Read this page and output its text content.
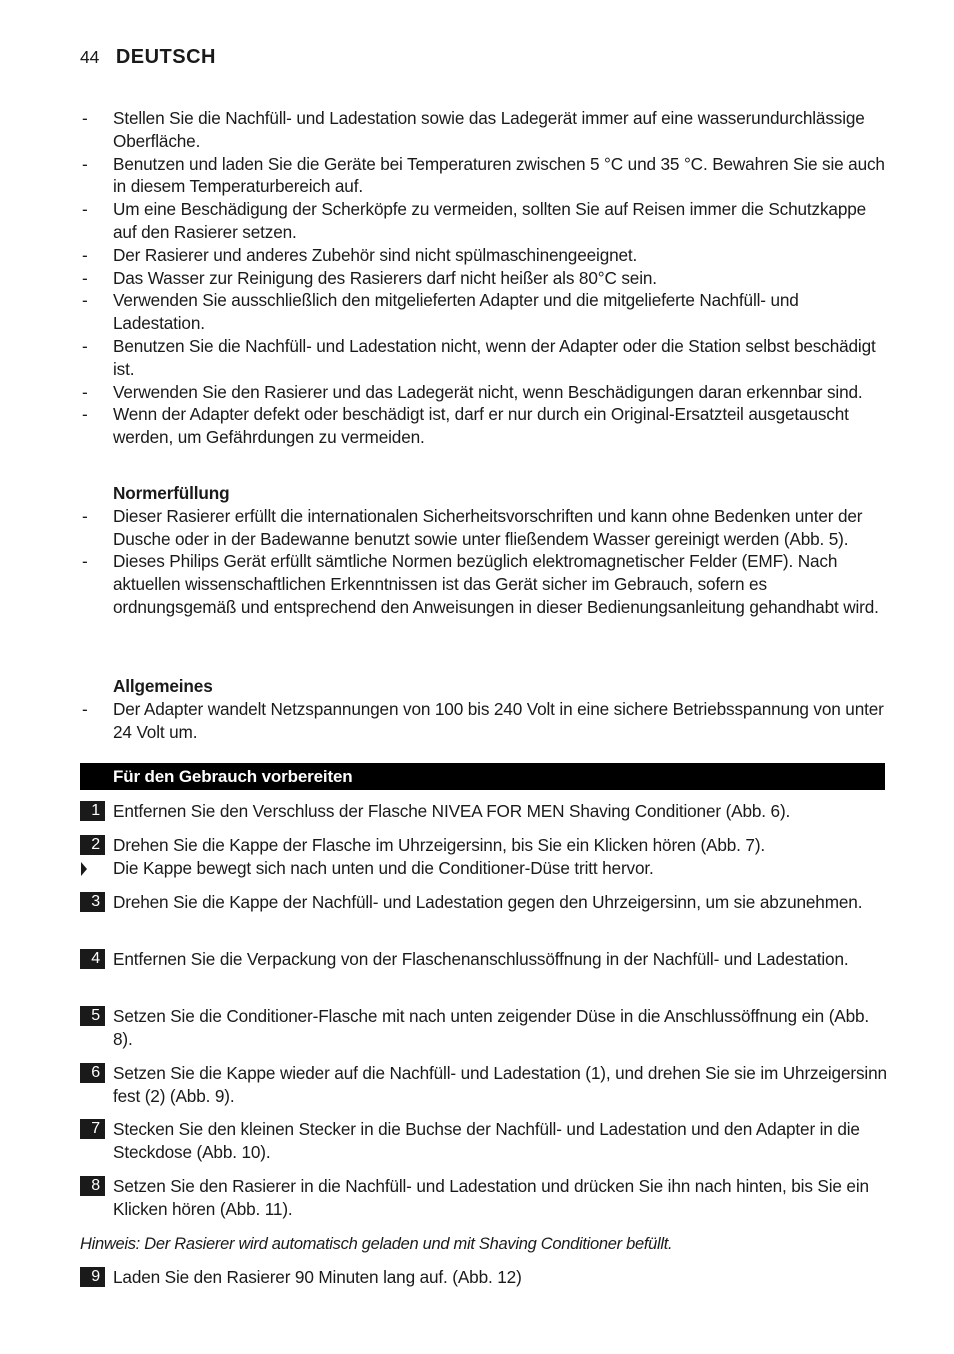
44 DEUTSCH
- Stellen Sie die Nachfüll- und Ladestation sowie das Ladegerät immer auf eine wasserundurchlässige Oberfläche.
- Benutzen und laden Sie die Geräte bei Temperaturen zwischen 5 °C und 35 °C. Bewahren Sie sie auch in diesem Temperaturbereich auf.
- Um eine Beschädigung der Scherköpfe zu vermeiden, sollten Sie auf Reisen immer die Schutzkappe auf den Rasierer setzen.
- Der Rasierer und anderes Zubehör sind nicht spülmaschinengeeignet.
- Das Wasser zur Reinigung des Rasierers darf nicht heißer als 80°C sein.
- Verwenden Sie ausschließlich den mitgelieferten Adapter und die mitgelieferte Nachfüll- und Ladestation.
- Benutzen Sie die Nachfüll- und Ladestation nicht, wenn der Adapter oder die Station selbst beschädigt ist.
- Verwenden Sie den Rasierer und das Ladegerät nicht, wenn Beschädigungen daran erkennbar sind.
- Wenn der Adapter defekt oder beschädigt ist, darf er nur durch ein Original-Ersatzteil ausgetauscht werden, um Gefährdungen zu vermeiden.
Normerfüllung
- Dieser Rasierer erfüllt die internationalen Sicherheitsvorschriften und kann ohne Bedenken unter der Dusche oder in der Badewanne benutzt sowie unter fließendem Wasser gereinigt werden (Abb. 5).
- Dieses Philips Gerät erfüllt sämtliche Normen bezüglich elektromagnetischer Felder (EMF). Nach aktuellen wissenschaftlichen Erkenntnissen ist das Gerät sicher im Gebrauch, sofern es ordnungsgemäß und entsprechend den Anweisungen in dieser Bedienungsanleitung gehandhabt wird.
Allgemeines
- Der Adapter wandelt Netzspannungen von 100 bis 240 Volt in eine sichere Betriebsspannung von unter 24 Volt um.
Für den Gebrauch vorbereiten
1 Entfernen Sie den Verschluss der Flasche NIVEA FOR MEN Shaving Conditioner (Abb. 6).
2 Drehen Sie die Kappe der Flasche im Uhrzeigersinn, bis Sie ein Klicken hören (Abb. 7).
Die Kappe bewegt sich nach unten und die Conditioner-Düse tritt hervor.
3 Drehen Sie die Kappe der Nachfüll- und Ladestation gegen den Uhrzeigersinn, um sie abzunehmen.
4 Entfernen Sie die Verpackung von der Flaschenanschlussöffnung in der Nachfüll- und Ladestation.
5 Setzen Sie die Conditioner-Flasche mit nach unten zeigender Düse in die Anschlussöffnung ein (Abb. 8).
6 Setzen Sie die Kappe wieder auf die Nachfüll- und Ladestation (1), und drehen Sie sie im Uhrzeigersinn fest (2) (Abb. 9).
7 Stecken Sie den kleinen Stecker in die Buchse der Nachfüll- und Ladestation und den Adapter in die Steckdose (Abb. 10).
8 Setzen Sie den Rasierer in die Nachfüll- und Ladestation und drücken Sie ihn nach hinten, bis Sie ein Klicken hören (Abb. 11).
Hinweis: Der Rasierer wird automatisch geladen und mit Shaving Conditioner befüllt.
9 Laden Sie den Rasierer 90 Minuten lang auf. (Abb. 12)
